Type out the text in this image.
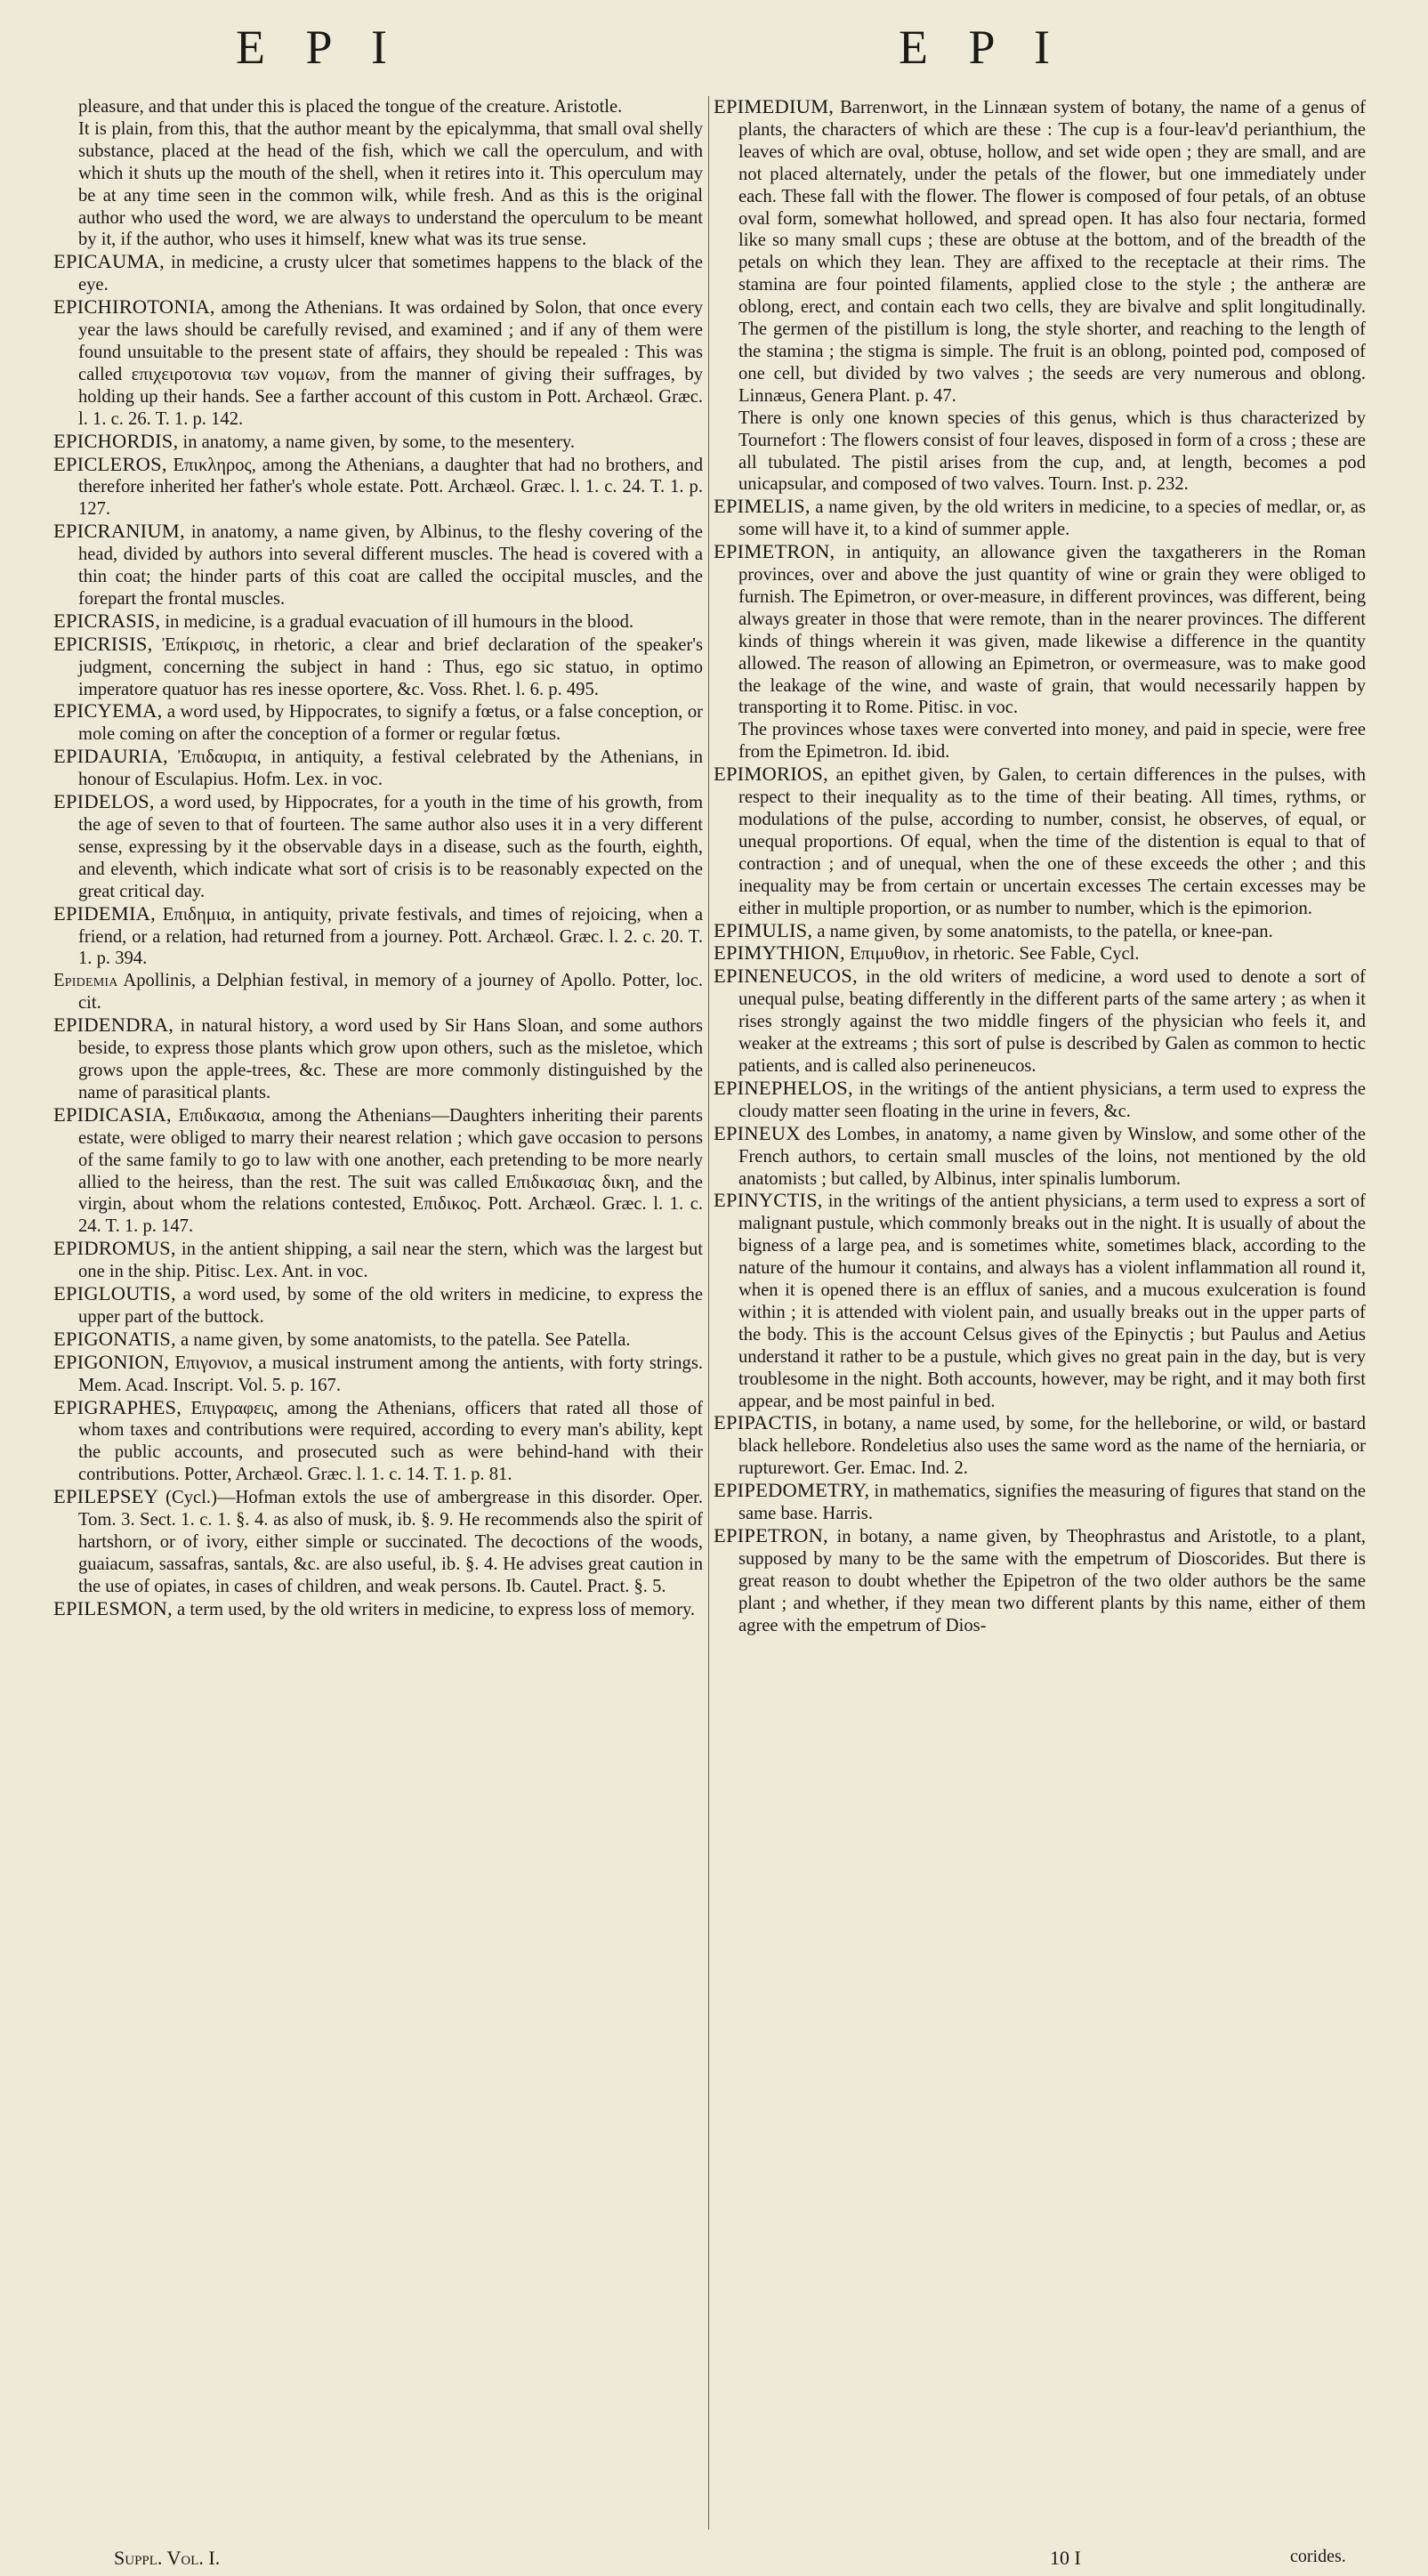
E P I	E P I
pleasure, and that under this is placed the tongue of the creature. Aristotle.
It is plain, from this, that the author meant by the epicalymma, that small oval shelly substance, placed at the head of the fish, which we call the operculum, and with which it shuts up the mouth of the shell, when it retires into it. This operculum may be at any time seen in the common wilk, while fresh. And as this is the original author who used the word, we are always to understand the operculum to be meant by it, if the author, who uses it himself, knew what was its true sense.
EPICAUMA, in medicine, a crusty ulcer that sometimes happens to the black of the eye.
EPICHIROTONIA, among the Athenians. It was ordained by Solon, that once every year the laws should be carefully revised, and examined ; and if any of them were found unsuitable to the present state of affairs, they should be repealed : This was called επιχειροτονια των νομων, from the manner of giving their suffrages, by holding up their hands. See a farther account of this custom in Pott. Archæol. Græc. l. 1. c. 26. T. 1. p. 142.
EPICHORDIS, in anatomy, a name given, by some, to the mesentery.
EPICLEROS, Επικληρος, among the Athenians, a daughter that had no brothers, and therefore inherited her father's whole estate. Pott. Archæol. Græc. l. 1. c. 24. T. 1. p. 127.
EPICRANIUM, in anatomy, a name given, by Albinus, to the fleshy covering of the head, divided by authors into several different muscles. The head is covered with a thin coat; the hinder parts of this coat are called the occipital muscles, and the forepart the frontal muscles.
EPICRASIS, in medicine, is a gradual evacuation of ill humours in the blood.
EPICRISIS, Ἐπίκρισις, in rhetoric, a clear and brief declaration of the speaker's judgment, concerning the subject in hand : Thus, ego sic statuo, in optimo imperatore quatuor has res inesse oportere, &c. Voss. Rhet. l. 6. p. 495.
EPICYEMA, a word used, by Hippocrates, to signify a fœtus, or a false conception, or mole coming on after the conception of a former or regular fœtus.
EPIDAURIA, Ἐπιδαυρια, in antiquity, a festival celebrated by the Athenians, in honour of Esculapius. Hofm. Lex. in voc.
EPIDELOS, a word used, by Hippocrates, for a youth in the time of his growth, from the age of seven to that of fourteen. The same author also uses it in a very different sense, expressing by it the observable days in a disease, such as the fourth, eighth, and eleventh, which indicate what sort of crisis is to be reasonably expected on the great critical day.
EPIDEMIA, Επιδημια, in antiquity, private festivals, and times of rejoicing, when a friend, or a relation, had returned from a journey. Pott. Archæol. Græc. l. 2. c. 20. T. 1. p. 394.
Epidemia Apollinis, a Delphian festival, in memory of a journey of Apollo. Potter, loc. cit.
EPIDENDRA, in natural history, a word used by Sir Hans Sloan, and some authors beside, to express those plants which grow upon others, such as the misletoe, which grows upon the apple-trees, &c. These are more commonly distinguished by the name of parasitical plants.
EPIDICASIA, Επιδικασια, among the Athenians—Daughters inheriting their parents estate, were obliged to marry their nearest relation ; which gave occasion to persons of the same family to go to law with one another, each pretending to be more nearly allied to the heiress, than the rest. The suit was called Επιδικασιας δικη, and the virgin, about whom the relations contested, Επιδικος. Pott. Archæol. Græc. l. 1. c. 24. T. 1. p. 147.
EPIDROMUS, in the antient shipping, a sail near the stern, which was the largest but one in the ship. Pitisc. Lex. Ant. in voc.
EPIGLOUTIS, a word used, by some of the old writers in medicine, to express the upper part of the buttock.
EPIGONATIS, a name given, by some anatomists, to the patella. See Patella.
EPIGONION, Επιγονιον, a musical instrument among the antients, with forty strings. Mem. Acad. Inscript. Vol. 5. p. 167.
EPIGRAPHES, Επιγραφεις, among the Athenians, officers that rated all those of whom taxes and contributions were required, according to every man's ability, kept the public accounts, and prosecuted such as were behind-hand with their contributions. Potter, Archæol. Græc. l. 1. c. 14. T. 1. p. 81.
EPILEPSEY (Cycl.)—Hofman extols the use of ambergrease in this disorder. Oper. Tom. 3. Sect. 1. c. 1. §. 4. as also of musk, ib. §. 9. He recommends also the spirit of hartshorn, or of ivory, either simple or succinated. The decoctions of the woods, guaiacum, sassafras, santals, &c. are also useful, ib. §. 4. He advises great caution in the use of opiates, in cases of children, and weak persons. Ib. Cautel. Pract. §. 5.
EPILESMON, a term used, by the old writers in medicine, to express loss of memory.
EPIMEDIUM, Barrenwort, in the Linnæan system of botany, the name of a genus of plants, the characters of which are these : The cup is a four-leav'd perianthium, the leaves of which are oval, obtuse, hollow, and set wide open ; they are small, and are not placed alternately, under the petals of the flower, but one immediately under each. These fall with the flower. The flower is composed of four petals, of an obtuse oval form, somewhat hollowed, and spread open. It has also four nectaria, formed like so many small cups ; these are obtuse at the bottom, and of the breadth of the petals on which they lean. They are affixed to the receptacle at their rims. The stamina are four pointed filaments, applied close to the style ; the antheræ are oblong, erect, and contain each two cells, they are bivalve and split longitudinally. The germen of the pistillum is long, the style shorter, and reaching to the length of the stamina ; the stigma is simple. The fruit is an oblong, pointed pod, composed of one cell, but divided by two valves ; the seeds are very numerous and oblong. Linnæus, Genera Plant. p. 47.
There is only one known species of this genus, which is thus characterized by Tournefort : The flowers consist of four leaves, disposed in form of a cross ; these are all tubulated. The pistil arises from the cup, and, at length, becomes a pod unicapsular, and composed of two valves. Tourn. Inst. p. 232.
EPIMELIS, a name given, by the old writers in medicine, to a species of medlar, or, as some will have it, to a kind of summer apple.
EPIMETRON, in antiquity, an allowance given the taxgatherers in the Roman provinces, over and above the just quantity of wine or grain they were obliged to furnish. The Epimetron, or over-measure, in different provinces, was different, being always greater in those that were remote, than in the nearer provinces. The different kinds of things wherein it was given, made likewise a difference in the quantity allowed. The reason of allowing an Epimetron, or overmeasure, was to make good the leakage of the wine, and waste of grain, that would necessarily happen by transporting it to Rome. Pitisc. in voc.
The provinces whose taxes were converted into money, and paid in specie, were free from the Epimetron. Id. ibid.
EPIMORIOS, an epithet given, by Galen, to certain differences in the pulses, with respect to their inequality as to the time of their beating. All times, rythms, or modulations of the pulse, according to number, consist, he observes, of equal, or unequal proportions. Of equal, when the time of the distention is equal to that of contraction ; and of unequal, when the one of these exceeds the other ; and this inequality may be from certain or uncertain excesses The certain excesses may be either in multiple proportion, or as number to number, which is the epimorion.
EPIMULIS, a name given, by some anatomists, to the patella, or knee-pan.
EPIMYTHION, Επιμυθιον, in rhetoric. See Fable, Cycl.
EPINENEUCOS, in the old writers of medicine, a word used to denote a sort of unequal pulse, beating differently in the different parts of the same artery ; as when it rises strongly against the two middle fingers of the physician who feels it, and weaker at the extreams ; this sort of pulse is described by Galen as common to hectic patients, and is called also perineneucos.
EPINEPHELOS, in the writings of the antient physicians, a term used to express the cloudy matter seen floating in the urine in fevers, &c.
EPINEUX des Lombes, in anatomy, a name given by Winslow, and some other of the French authors, to certain small muscles of the loins, not mentioned by the old anatomists ; but called, by Albinus, inter spinalis lumborum.
EPINYCTIS, in the writings of the antient physicians, a term used to express a sort of malignant pustule, which commonly breaks out in the night. It is usually of about the bigness of a large pea, and is sometimes white, sometimes black, according to the nature of the humour it contains, and always has a violent inflammation all round it, when it is opened there is an efflux of sanies, and a mucous exulceration is found within ; it is attended with violent pain, and usually breaks out in the upper parts of the body. This is the account Celsus gives of the Epinyctis ; but Paulus and Aetius understand it rather to be a pustule, which gives no great pain in the day, but is very troublesome in the night. Both accounts, however, may be right, and it may both first appear, and be most painful in bed.
EPIPACTIS, in botany, a name used, by some, for the helleborine, or wild, or bastard black hellebore. Rondeletius also uses the same word as the name of the herniaria, or rupturewort. Ger. Emac. Ind. 2.
EPIPEDOMETRY, in mathematics, signifies the measuring of figures that stand on the same base. Harris.
EPIPETRON, in botany, a name given, by Theophrastus and Aristotle, to a plant, supposed by many to be the same with the empetrum of Dioscorides. But there is great reason to doubt whether the Epipetron of the two older authors be the same plant ; and whether, if they mean two different plants by this name, either of them agree with the empetrum of Dios-
Suppl. Vol. I.	10 I	corides.
